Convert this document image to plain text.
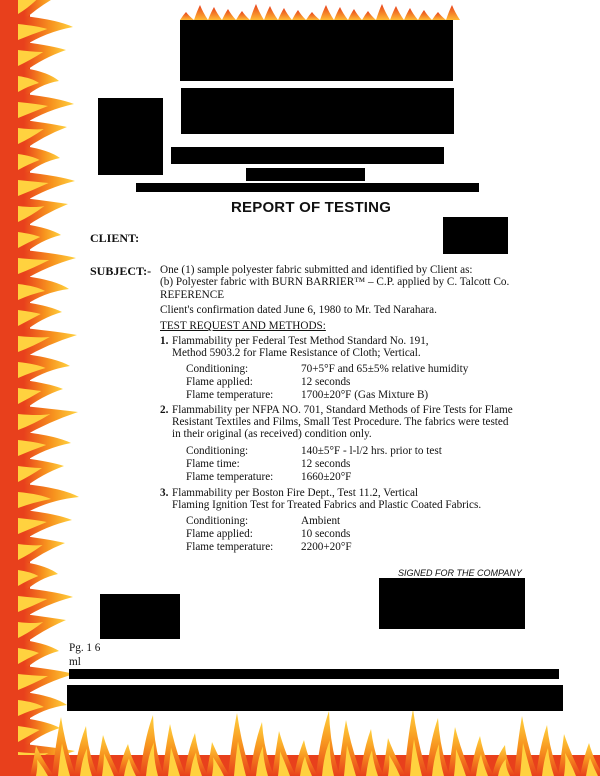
REPORT OF TESTING
CLIENT:
SUBJECT:- One (1) sample polyester fabric submitted and identified by Client as:
(b) Polyester fabric with BURN BARRIER™ – C.P. applied by C. Talcott Co.
REFERENCE
Client's confirmation dated June 6, 1980 to Mr. Ted Narahara.
TEST REQUEST AND METHODS:
1. Flammability per Federal Test Method Standard No. 191,
Method 5903.2 for Flame Resistance of Cloth; Vertical.
Conditioning:	70+5°F and 65±5% relative humidity
Flame applied:	12 seconds
Flame temperature: 1700±20°F (Gas Mixture B)
2. Flammability per NFPA NO. 701, Standard Methods of Fire Tests for Flame
Resistant Textiles and Films, Small Test Procedure. The fabrics were tested
in their original (as received) condition only.
Conditioning:	140±5°F - l-l/2 hrs. prior to test
Flame time:	12 seconds
Flame temperature: 1660±20°F
3. Flammability per Boston Fire Dept., Test 11.2, Vertical
Flaming Ignition Test for Treated Fabrics and Plastic Coated Fabrics.
Conditioning:	Ambient
Flame applied:	10 seconds
Flame temperature: 2200+20°F
SIGNED FOR THE COMPANY
Pg. 1 6
ml
